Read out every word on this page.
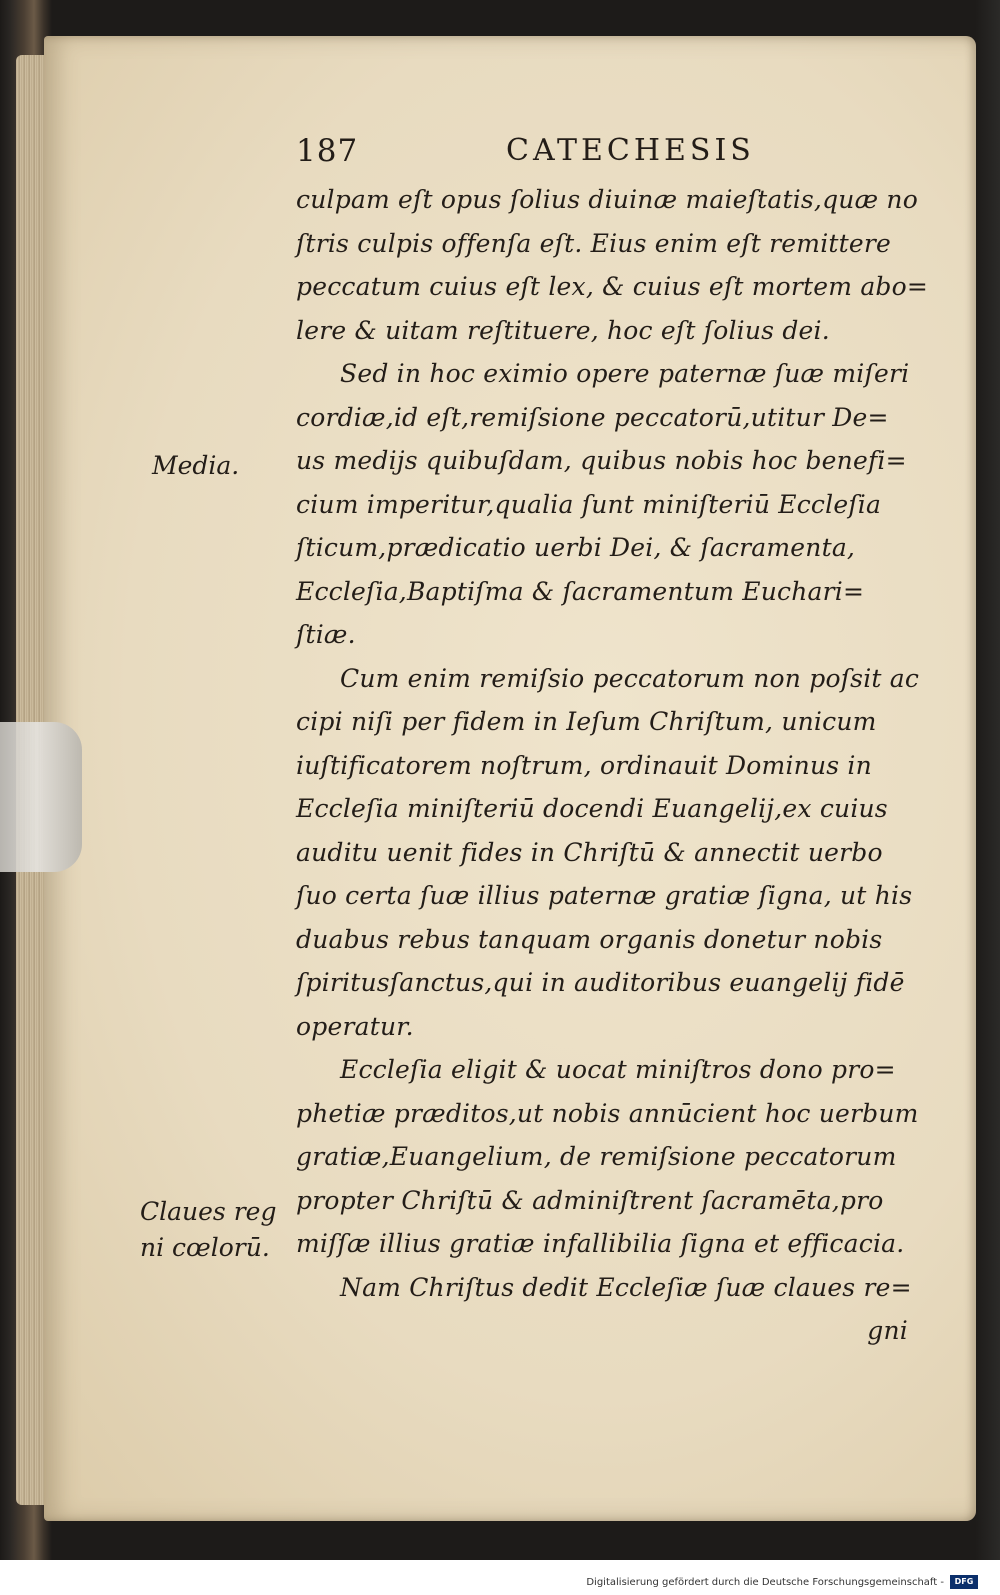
187	CATECHESIS
culpam eſt opus ſolius diuinæ maieſtatis,quæ no
ſtris culpis offenſa eſt. Eius enim eſt remittere
peccatum cuius eſt lex, & cuius eſt mortem abo=
lere & uitam reſtituere, hoc eſt ſolius dei.
Sed in hoc eximio opere paternæ ſuæ miſeri
cordiæ,id eſt,remiſsione peccatorū,utitur De=
us medijs quibuſdam, quibus nobis hoc benefi=
cium imperitur,qualia ſunt miniſteriū Eccleſia
ſticum,prædicatio uerbi Dei, & ſacramenta,
Eccleſia,Baptiſma & ſacramentum Euchari=
ſtiæ.
Cum enim remiſsio peccatorum non poſsit ac
cipi niſi per fidem in Ieſum Chriſtum, unicum
iuſtificatorem noſtrum, ordinauit Dominus in
Eccleſia miniſteriū docendi Euangelij,ex cuius
auditu uenit fides in Chriſtū & annectit uerbo
ſuo certa ſuæ illius paternæ gratiæ ſigna, ut his
duabus rebus tanquam organis donetur nobis
ſpiritusſanctus,qui in auditoribus euangelij fidē
operatur.
Eccleſia eligit & uocat miniſtros dono pro=
phetiæ præditos,ut nobis annūcient hoc uerbum
gratiæ,Euangelium, de remiſsione peccatorum
propter Chriſtū & adminiſtrent ſacramēta,pro
miſſæ illius gratiæ infallibilia ſigna et efficacia.
Nam Chriſtus dedit Eccleſiæ ſuæ claues re=
gni
Media.
Claues reg
ni cœlorū.
Digitalisierung gefördert durch die Deutsche Forschungsgemeinschaft -	DFG
